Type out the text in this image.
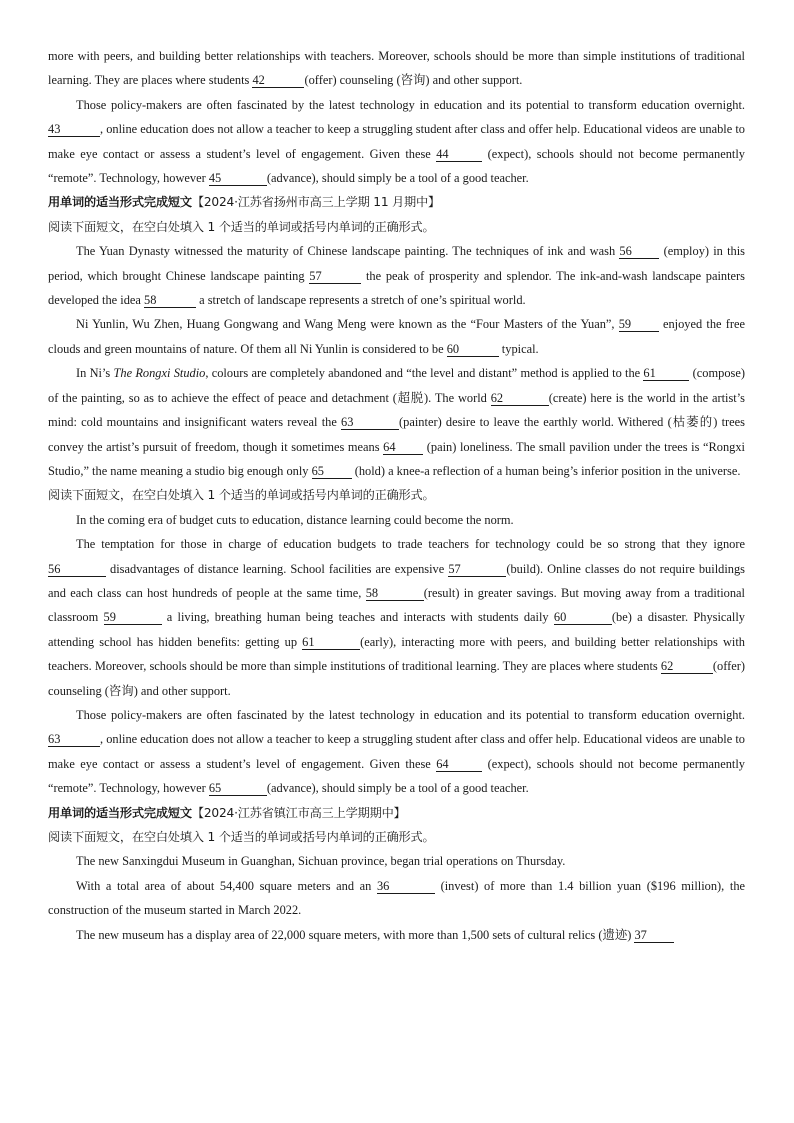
more with peers, and building better relationships with teachers. Moreover, schools should be more than simple institutions of traditional learning. They are places where students 42	(offer) counseling (咨询) and other support.

Those policy-makers are often fascinated by the latest technology in education and its potential to transform education overnight. 43	, online education does not allow a teacher to keep a struggling student after class and offer help. Educational videos are unable to make eye contact or assess a student’s level of engagement. Given these 44	(expect), schools should not become permanently “remote”. Technology, however 45	(advance), should simply be a tool of a good teacher.

用单词的适当形式完成短文【2024·江苏省扬州市高三上学期 11 月期中】

阅读下面短文，在空白处填入 1 个适当的单词或括号内单词的正确形式。

The Yuan Dynasty witnessed the maturity of Chinese landscape painting. The techniques of ink and wash 56 (employ) in this period, which brought Chinese landscape painting 57	the peak of prosperity and splendor. The ink-and-wash landscape painters developed the idea 58	a stretch of landscape represents a stretch of one’s spiritual world.

Ni Yunlin, Wu Zhen, Huang Gongwang and Wang Meng were known as the “Four Masters of the Yuan”, 59 enjoyed the free clouds and green mountains of nature. Of them all Ni Yunlin is considered to be 60	typical.

In Ni’s The Rongxi Studio, colours are completely abandoned and “the level and distant” method is applied to the 61	(compose) of the painting, so as to achieve the effect of peace and detachment (超脱). The world 62	(create) here is the world in the artist’s mind: cold mountains and insignificant waters reveal the 63	(painter) desire to leave the earthly world. Withered (枯萎的) trees convey the artist’s pursuit of freedom, though it sometimes means 64 (pain) loneliness. The small pavilion under the trees is “Rongxi Studio,” the name meaning a studio big enough only 65 (hold) a knee-a reflection of a human being’s inferior position in the universe.

阅读下面短文，在空白处填入 1 个适当的单词或括号内单词的正确形式。

In the coming era of budget cuts to education, distance learning could become the norm.

The temptation for those in charge of education budgets to trade teachers for technology could be so strong that they ignore 56	disadvantages of distance learning. School facilities are expensive 57	(build). Online classes do not require buildings and each class can host hundreds of people at the same time, 58	(result) in greater savings. But moving away from a traditional classroom 59	a living, breathing human being teaches and interacts with students daily 60	(be) a disaster. Physically attending school has hidden benefits: getting up 61	(early), interacting more with peers, and building better relationships with teachers. Moreover, schools should be more than simple institutions of traditional learning. They are places where students 62	(offer) counseling (咨询) and other support.

Those policy-makers are often fascinated by the latest technology in education and its potential to transform education overnight. 63	, online education does not allow a teacher to keep a struggling student after class and offer help. Educational videos are unable to make eye contact or assess a student’s level of engagement. Given these 64	(expect), schools should not become permanently “remote”. Technology, however 65	(advance), should simply be a tool of a good teacher.

用单词的适当形式完成短文【2024·江苏省镇江市高三上学期期中】

阅读下面短文，在空白处填入 1 个适当的单词或括号内单词的正确形式。

The new Sanxingdui Museum in Guanghan, Sichuan province, began trial operations on Thursday.

With a total area of about 54,400 square meters and an 36	(invest) of more than 1.4 billion yuan ($196 million), the construction of the museum started in March 2022.

The new museum has a display area of 22,000 square meters, with more than 1,500 sets of cultural relics (遗迹) 37
